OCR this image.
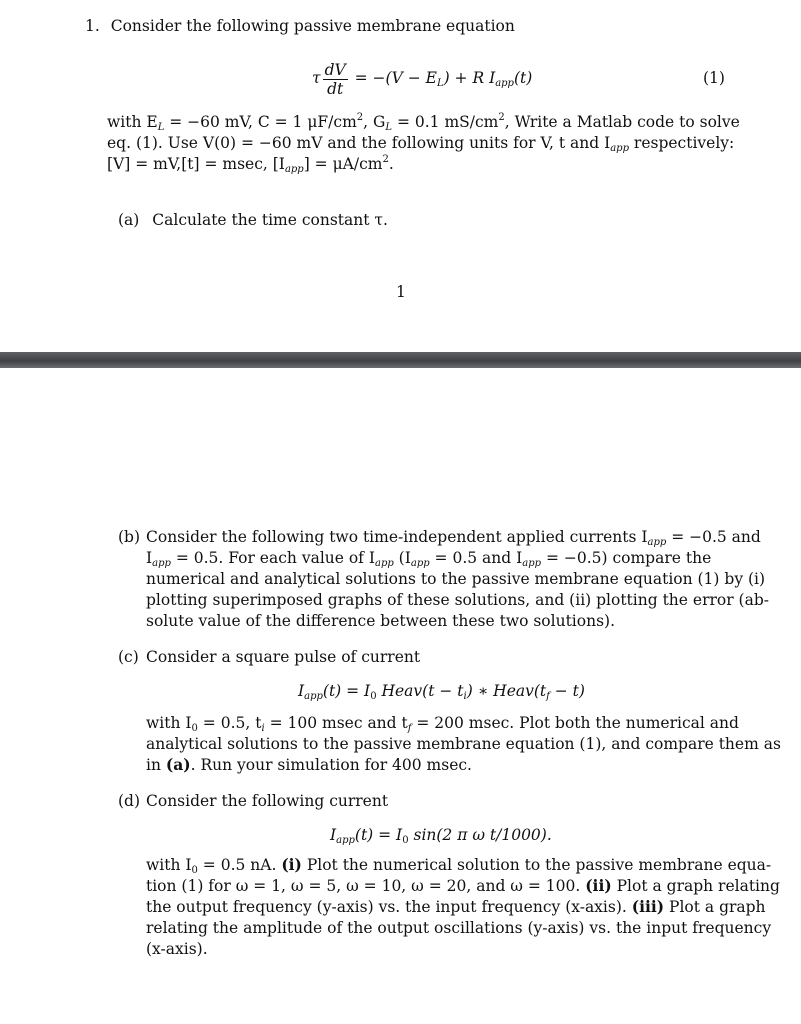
1. Consider the following passive membrane equation
τ $\frac{dV}{dt} = -(V - E_L) + R$ $I_{app}(t)$	(1)
with $E_L = -60$ mV, C = 1 $\mu F/cm^2$, $G_L = 0.1$ $mS/cm^2$, Write a Matlab code to solve
eq. (1). Use V(0) = −60 mV and the following units for V, t and $I_{app}$ respectively:
[V] = mV,[t] = msec, $[I_{app}] = \mu A/cm^2$.
(a) Calculate the time constant τ.
1
(b) Consider the following two time-independent applied currents $I_{app} = -0.5$ and
$I_{app} = 0.5$. For each value of $I_{app}$ ($I_{app} = 0.5$ and $I_{app} = -0.5$) compare the
numerical and analytical solutions to the passive membrane equation (1) by (i)
plotting superimposed graphs of these solutions, and (ii) plotting the error (ab-
solute value of the difference between these two solutions).
(c) Consider a square pulse of current
$I_{app}(t) = I_0$ Heav(t − $t_i$) ∗ $Heav(t_f - t)$
with $I_0 = 0.5$, $t_i = 100$ msec and $t_f = 200$ msec. Plot both the numerical and
analytical solutions to the passive membrane equation (1), and compare them as
in (a). Run your simulation for 400 msec.
(d) Consider the following current
$I_{app}(t) = I_0$ sin(2 π ω t/1000).
with $I_0 = 0.5$ nA. (i) Plot the numerical solution to the passive membrane equa-
tion (1) for ω = 1, ω = 5, ω = 10, ω = 20, and ω = 100. (ii) Plot a graph relating
the output frequency (y-axis) vs. the input frequency (x-axis). (iii) Plot a graph
relating the amplitude of the output oscillations (y-axis) vs. the input frequency
(x-axis).
